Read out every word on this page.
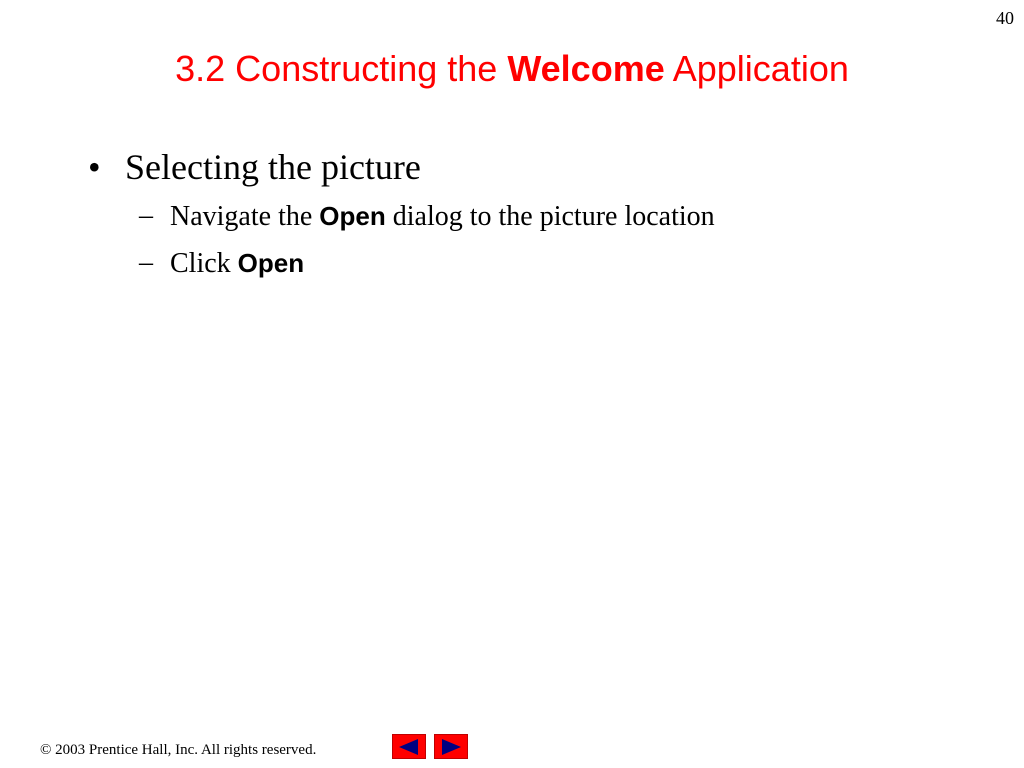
40
3.2 Constructing the Welcome Application
• Selecting the picture
– Navigate the Open dialog to the picture location
– Click Open
© 2003 Prentice Hall, Inc. All rights reserved.
